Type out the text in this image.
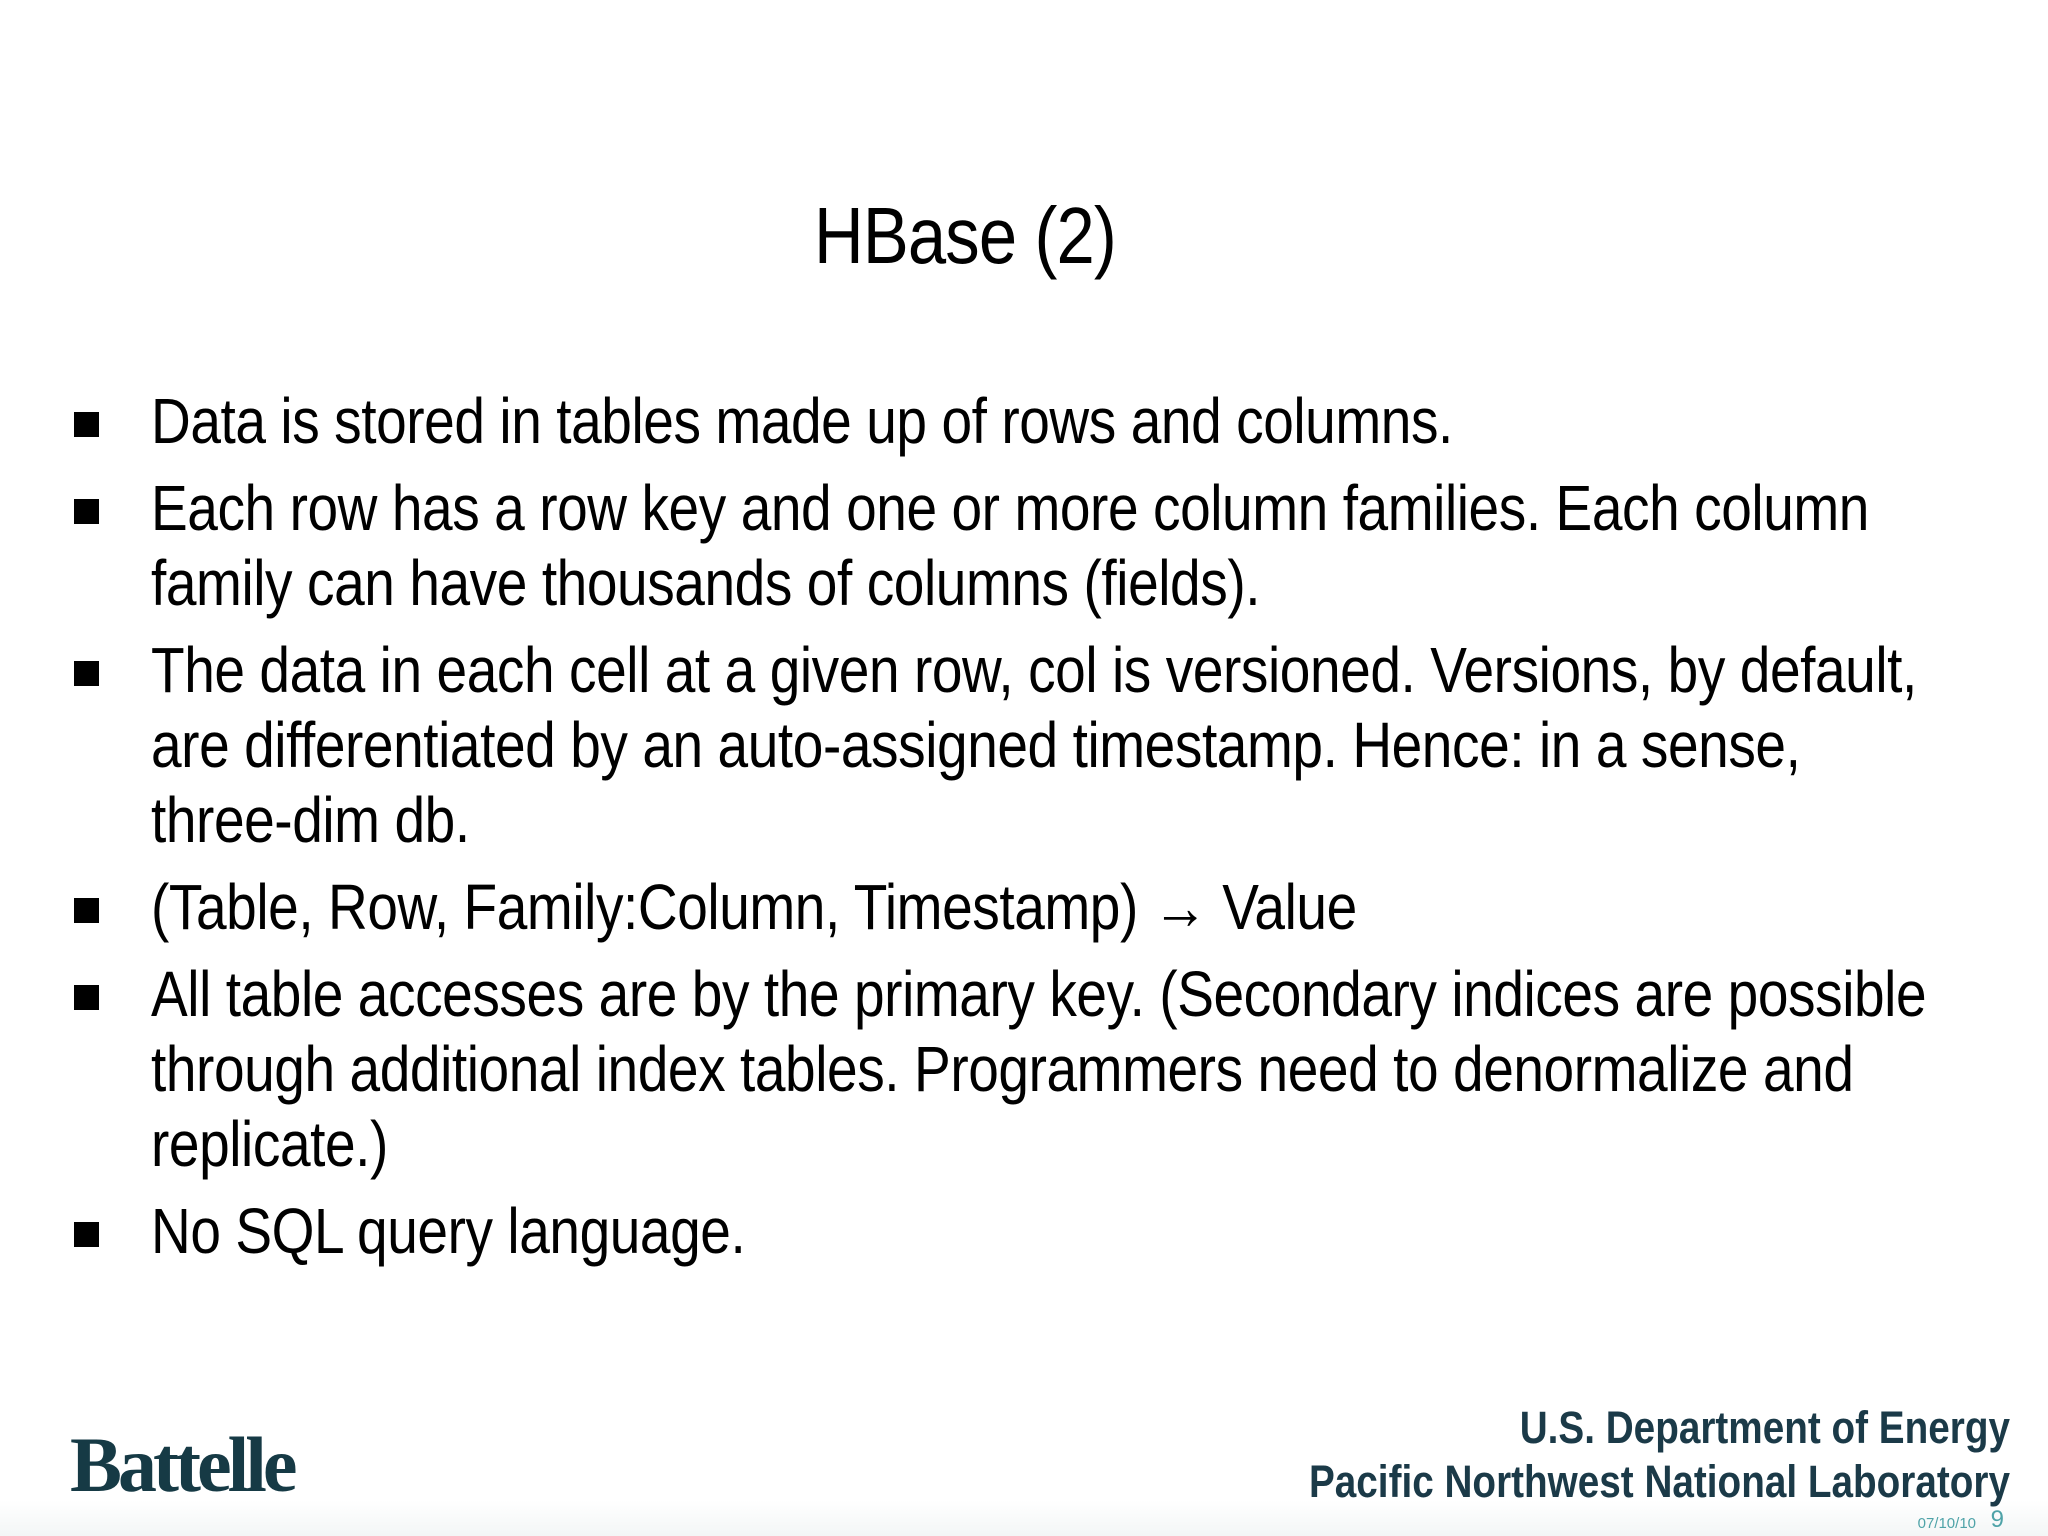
HBase (2)
Data is stored in tables made up of rows and columns.
Each row has a row key and one or more column families. Each column family can have thousands of columns (fields).
The data in each cell at a given row, col is versioned. Versions, by default, are differentiated by an auto-assigned timestamp. Hence: in a sense, three-dim db.
(Table, Row, Family:Column, Timestamp) → Value
All table accesses are by the primary key. (Secondary indices are possible through additional index tables. Programmers need to denormalize and replicate.)
No SQL query language.
Battelle	U.S. Department of Energy
Pacific Northwest National Laboratory
07/10/10 9
